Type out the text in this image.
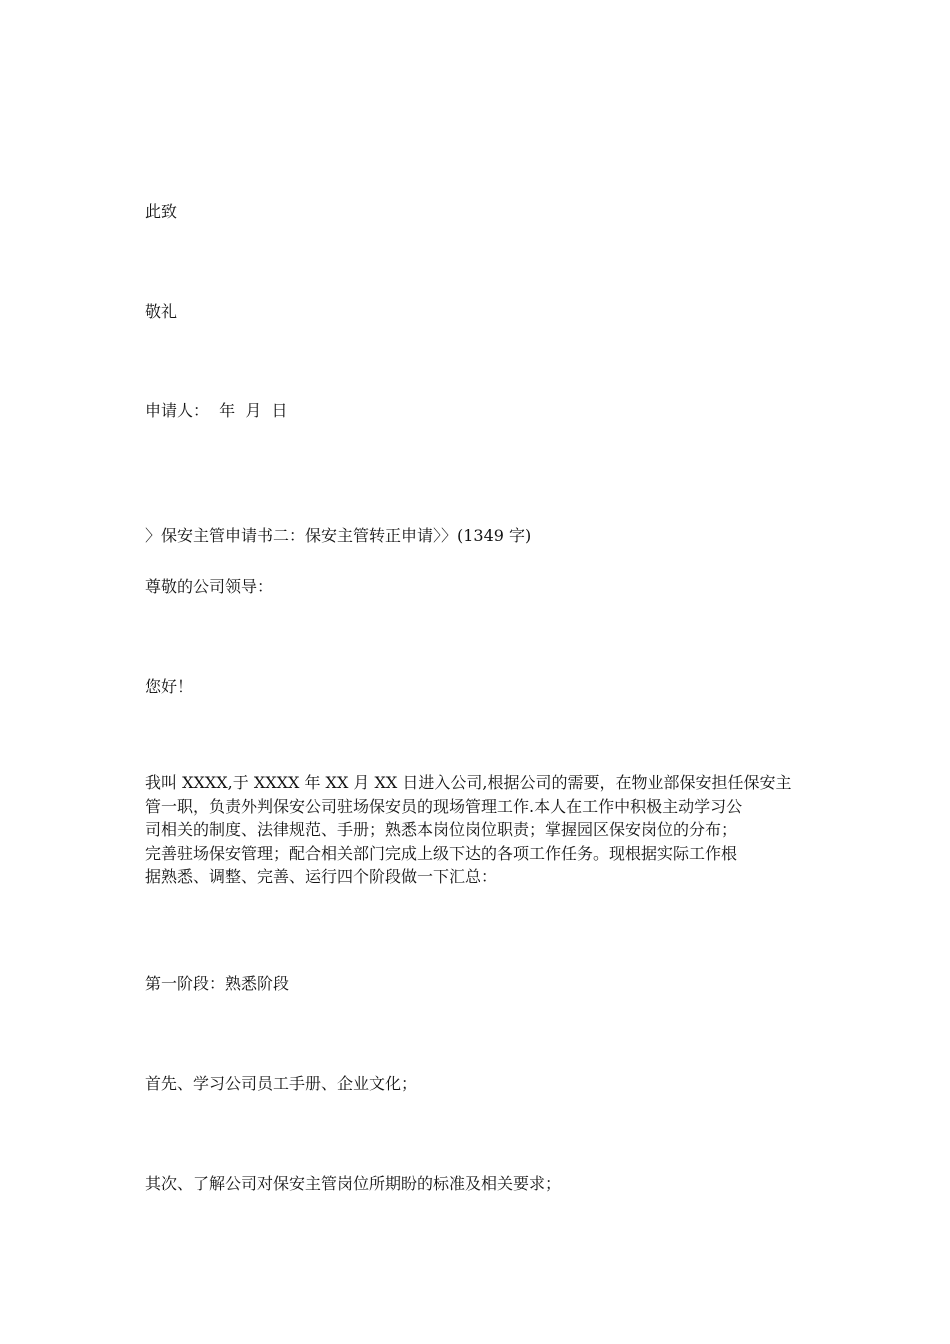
此致
敬礼
申请人：  年  月  日
〉保安主管申请书二：保安主管转正申请〉〉(1349 字)
尊敬的公司领导：
您好！
我叫 XXXX,于 XXXX 年 XX 月 XX 日进入公司,根据公司的需要，在物业部保安担任保安主
管一职，负责外判保安公司驻场保安员的现场管理工作.本人在工作中积极主动学习公
司相关的制度、法律规范、手册；熟悉本岗位岗位职责；掌握园区保安岗位的分布；
完善驻场保安管理；配合相关部门完成上级下达的各项工作任务。现根据实际工作根
据熟悉、调整、完善、运行四个阶段做一下汇总：
第一阶段：熟悉阶段
首先、学习公司员工手册、企业文化；
其次、了解公司对保安主管岗位所期盼的标准及相关要求；
